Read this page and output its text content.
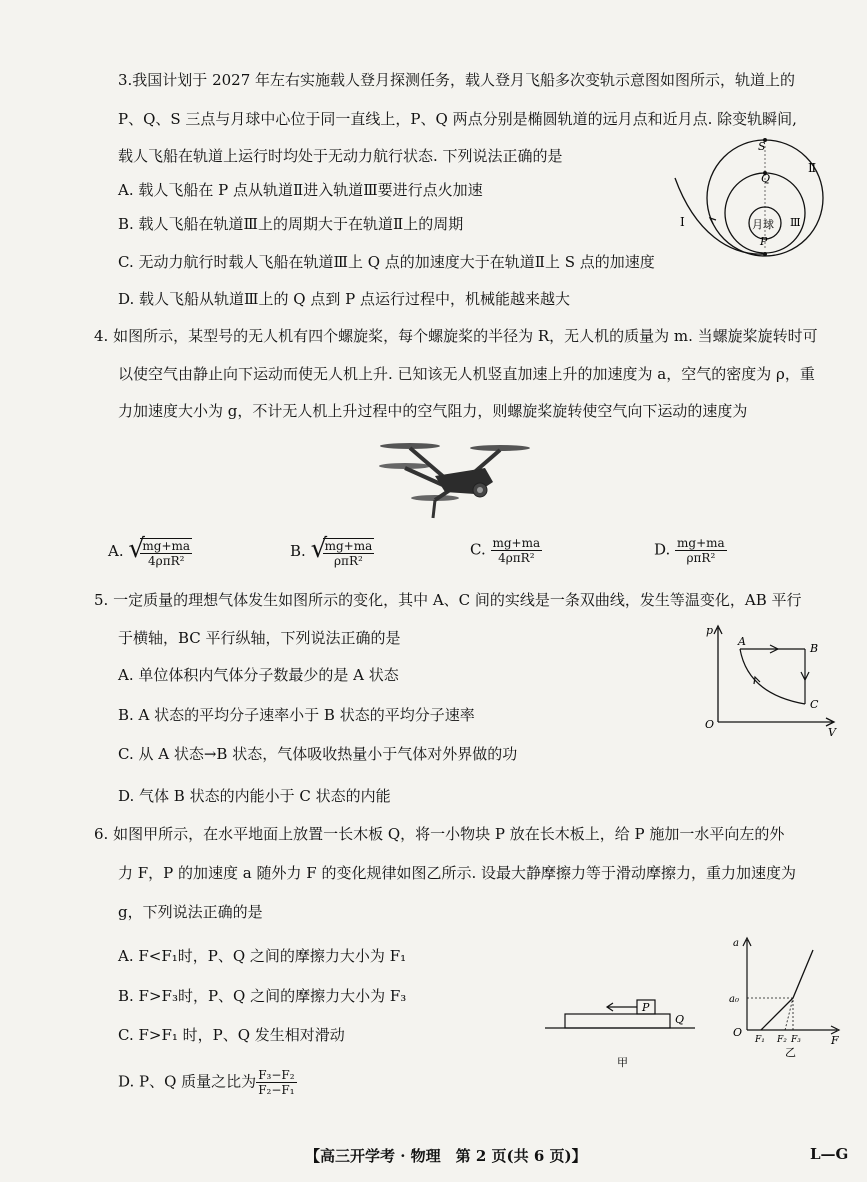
3.我国计划于 2027 年左右实施载人登月探测任务，载人登月飞船多次变轨示意图如图所示，轨道上的
P、Q、S 三点与月球中心位于同一直线上，P、Q 两点分别是椭圆轨道的远月点和近月点. 除变轨瞬间,
载人飞船在轨道上运行时均处于无动力航行状态. 下列说法正确的是
A. 载人飞船在 P 点从轨道Ⅱ进入轨道Ⅲ要进行点火加速
B. 载人飞船在轨道Ⅲ上的周期大于在轨道Ⅱ上的周期
C. 无动力航行时载人飞船在轨道Ⅲ上 Q 点的加速度大于在轨道Ⅱ上 S 点的加速度
D. 载人飞船从轨道Ⅲ上的 Q 点到 P 点运行过程中，机械能越来越大
S
Q
P
月球
Ⅰ
Ⅱ
Ⅲ
4. 如图所示，某型号的无人机有四个螺旋桨，每个螺旋桨的半径为 R，无人机的质量为 m. 当螺旋桨旋转时可
以使空气由静止向下运动而使无人机上升. 已知该无人机竖直加速上升的加速度为 a，空气的密度为 ρ，重
力加速度大小为 g，不计无人机上升过程中的空气阻力，则螺旋桨旋转使空气向下运动的速度为
A. √
$\frac{mg+ma}{\text{4ρπR²}}$	B. √
$\frac{mg+ma}{\text{ρπR²}}$	C. $\frac{mg+ma}{\text{4ρπR²}}$	D. $\frac{mg+ma}{\text{ρπR²}}$
5. 一定质量的理想气体发生如图所示的变化，其中 A、C 间的实线是一条双曲线，发生等温变化，AB 平行
于横轴，BC 平行纵轴，下列说法正确的是
A. 单位体积内气体分子数最少的是 A 状态
B. A 状态的平均分子速率小于 B 状态的平均分子速率
C. 从 A 状态→B 状态，气体吸收热量小于气体对外界做的功
D. 气体 B 状态的内能小于 C 状态的内能
p
V
O
A
B
C
6. 如图甲所示，在水平地面上放置一长木板 Q，将一小物块 P 放在长木板上，给 P 施加一水平向左的外
力 F，P 的加速度 a 随外力 F 的变化规律如图乙所示. 设最大静摩擦力等于滑动摩擦力，重力加速度为
g，下列说法正确的是
A. F<F₁时，P、Q 之间的摩擦力大小为 F₁
B. F>F₃时，P、Q 之间的摩擦力大小为 F₃
C. F>F₁ 时，P、Q 发生相对滑动
D. P、Q 质量之比为 $\frac{\text{F₃−F₂}}{\text{F₂−F₁}}$
P
Q
甲
a
a₀
O
F₁ F₂ F₃	F
乙
【高三开学考 · 物理　第 2 页(共 6 页)】	L—G
